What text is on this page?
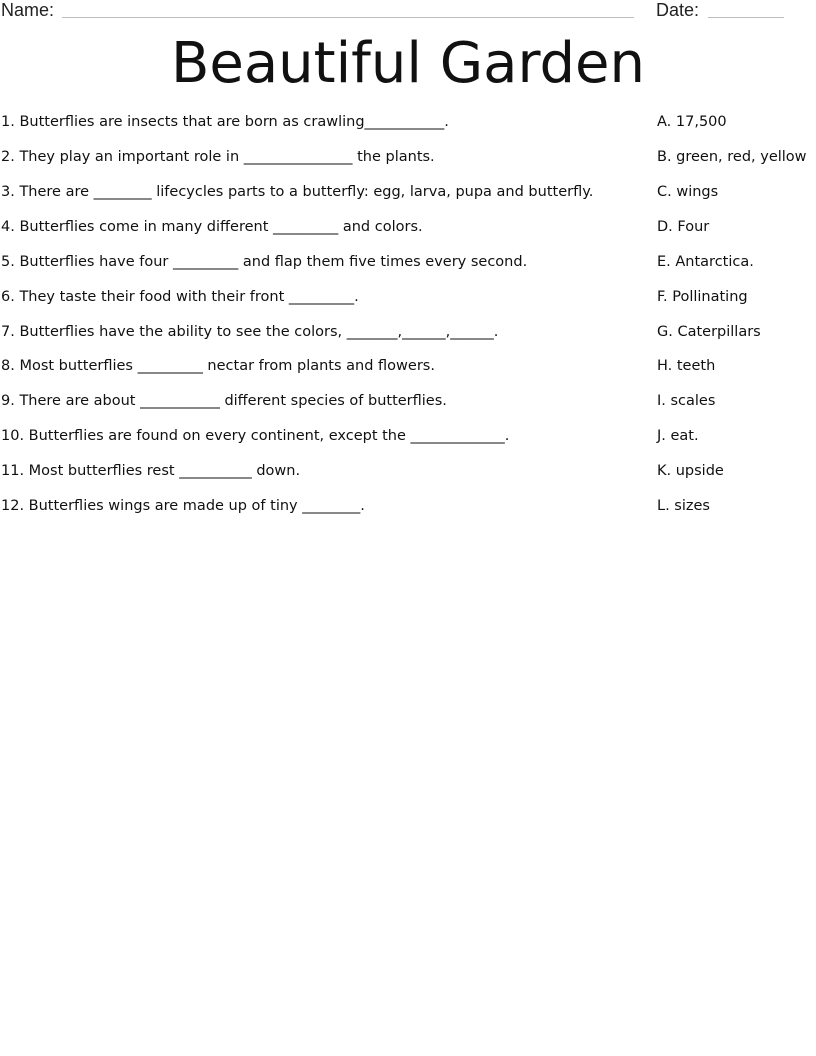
Name:	Date:
Beautiful Garden
1. Butterflies are insects that are born as crawling___________.	A. 17,500
2. They play an important role in _______________ the plants.	B. green, red, yellow
3. There are ________ lifecycles parts to a butterfly: egg, larva, pupa and butterfly.	C. wings
4. Butterflies come in many different _________ and colors.	D. Four
5. Butterflies have four _________ and flap them five times every second.	E. Antarctica.
6. They taste their food with their front _________.	F. Pollinating
7. Butterflies have the ability to see the colors, _______,______,______.	G. Caterpillars
8. Most butterflies _________ nectar from plants and flowers.	H. teeth
9. There are about ___________ different species of butterflies.	I. scales
10. Butterflies are found on every continent, except the _____________.	J. eat.
11. Most butterflies rest __________ down.	K. upside
12. Butterflies wings are made up of tiny ________.	L. sizes
